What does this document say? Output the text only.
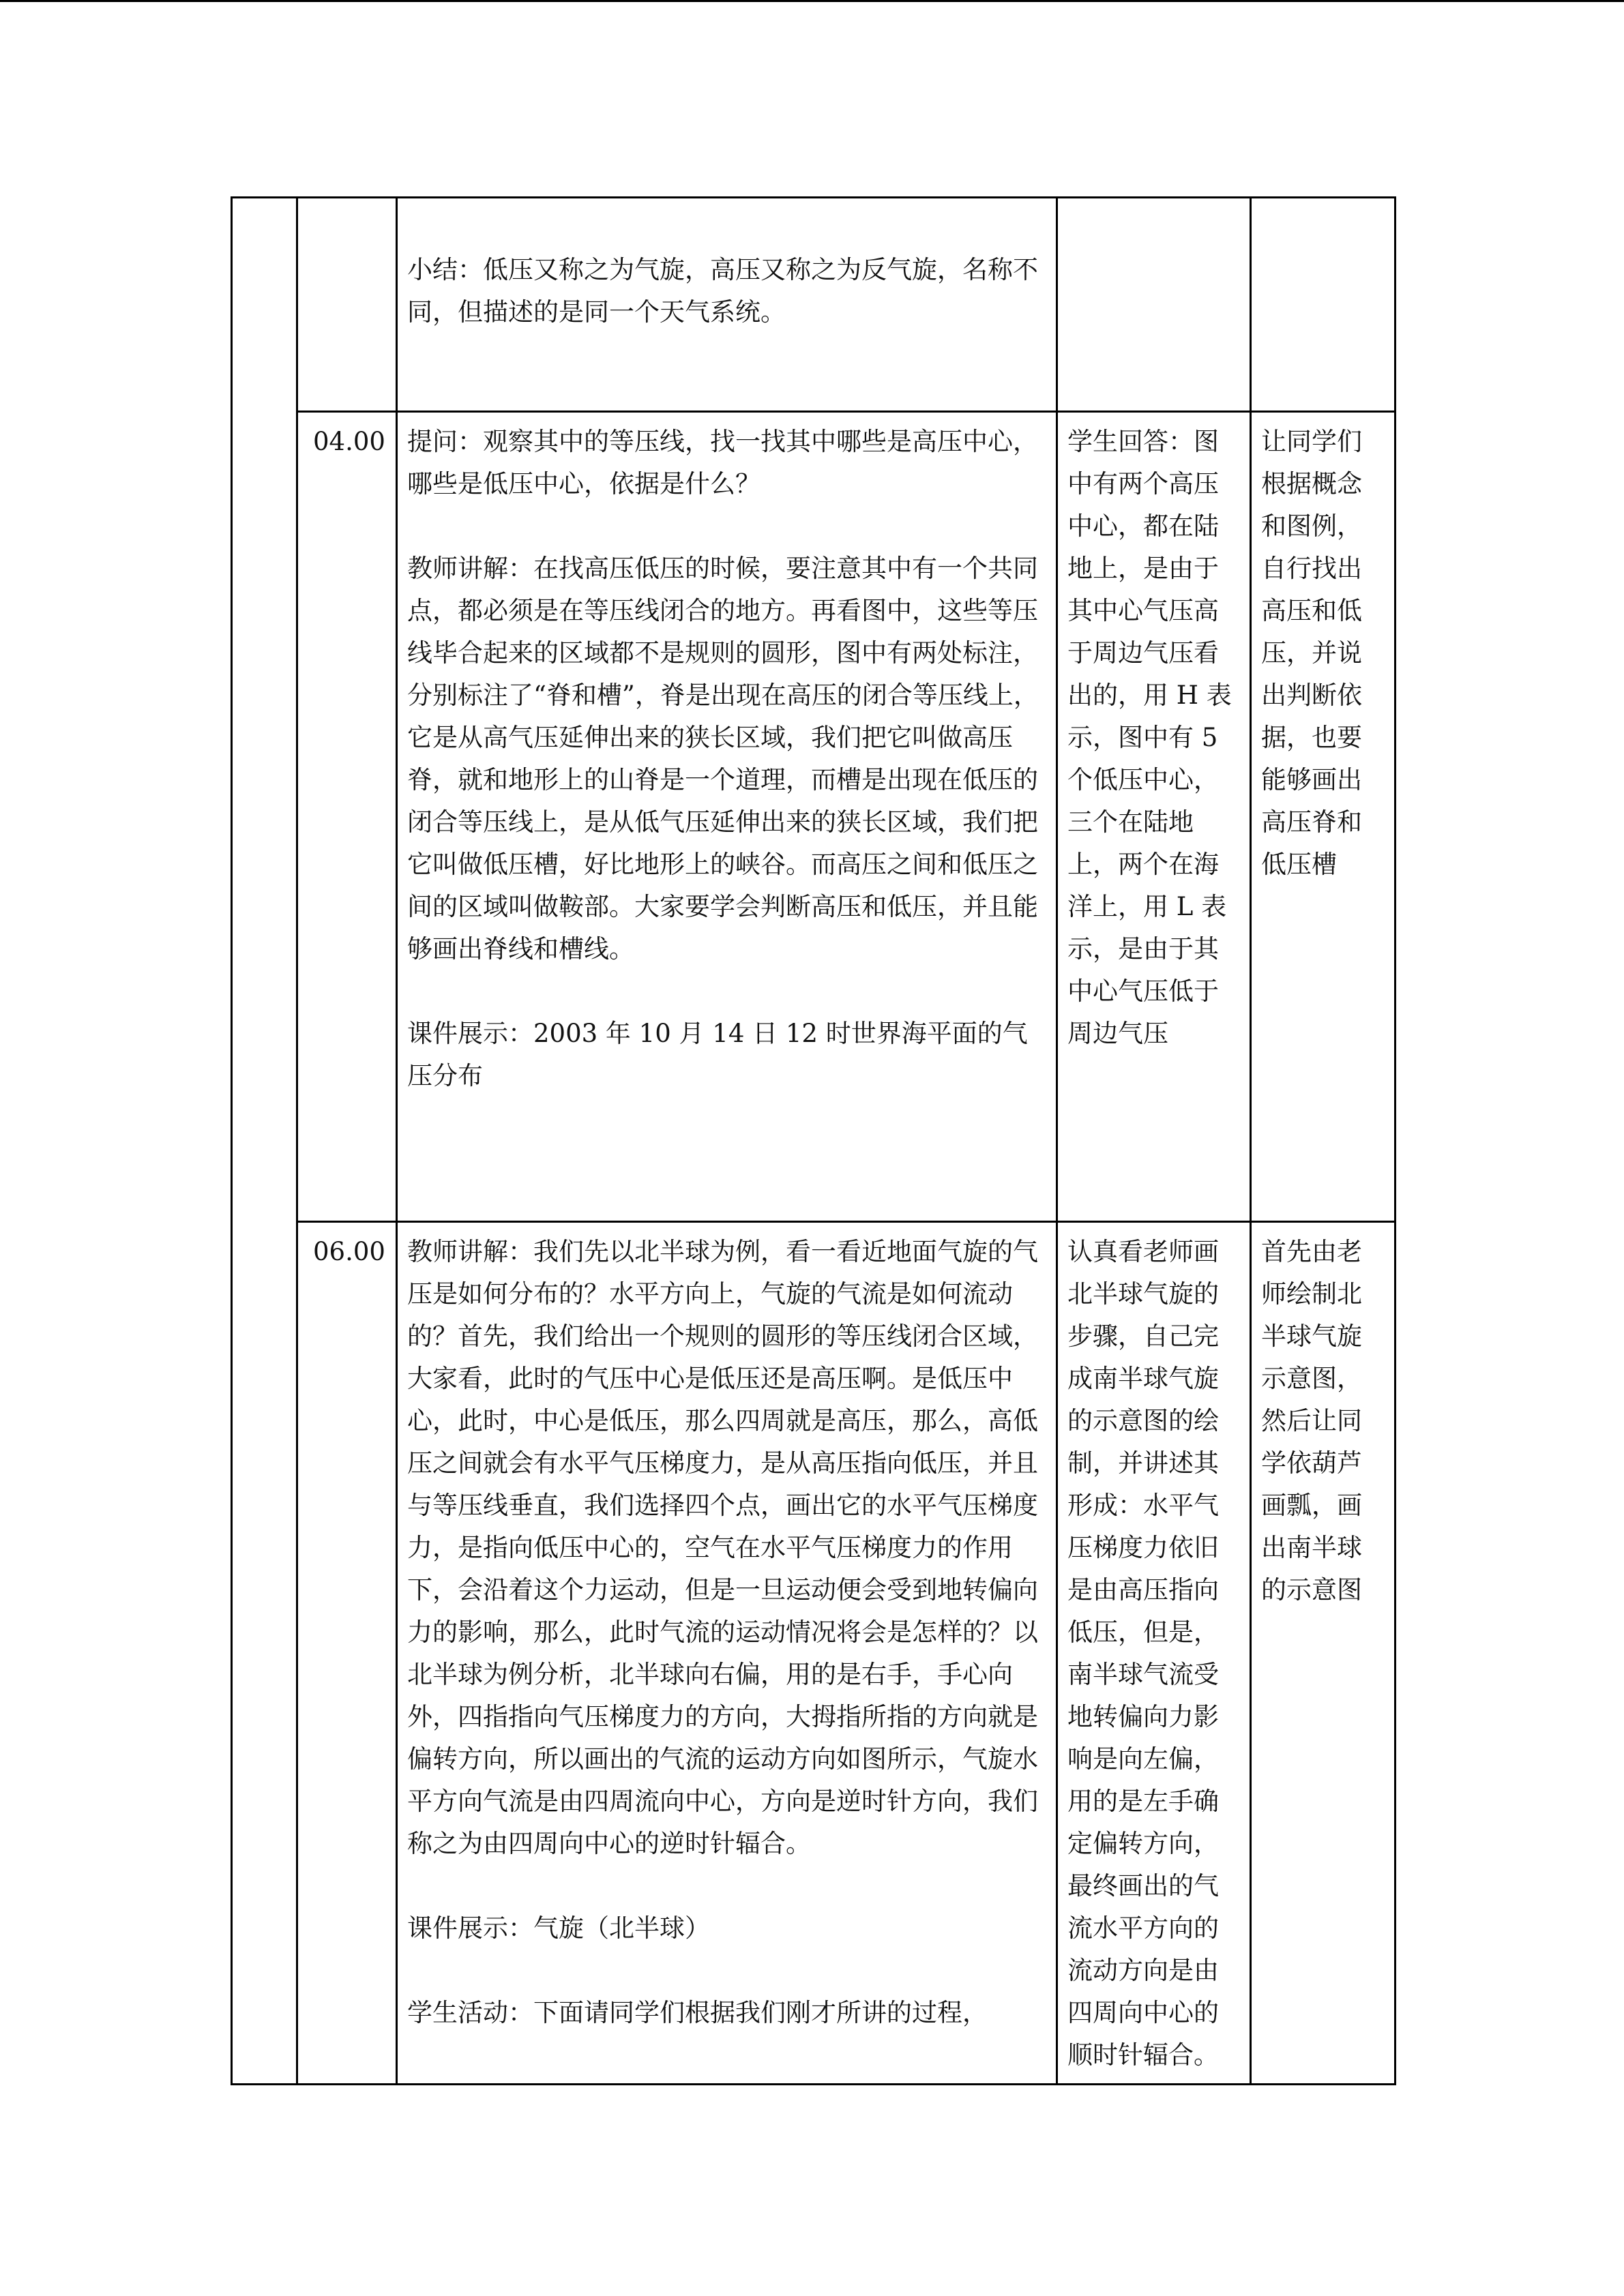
		小结：低压又称之为气旋，高压又称之为反气旋，名称不同，但描述的是同一个天气系统。		

	04.00	提问：观察其中的等压线，找一找其中哪些是高压中心，哪些是低压中心，依据是什么？

教师讲解：在找高压低压的时候，要注意其中有一个共同点，都必须是在等压线闭合的地方。再看图中，这些等压线毕合起来的区域都不是规则的圆形，图中有两处标注，分别标注了“脊和槽”，脊是出现在高压的闭合等压线上，它是从高气压延伸出来的狭长区域，我们把它叫做高压脊，就和地形上的山脊是一个道理，而槽是出现在低压的闭合等压线上，是从低气压延伸出来的狭长区域，我们把它叫做低压槽，好比地形上的峡谷。而高压之间和低压之间的区域叫做鞍部。大家要学会判断高压和低压，并且能够画出脊线和槽线。

课件展示：2003 年 10 月 14 日 12 时世界海平面的气压分布	学生回答：图中有两个高压中心，都在陆地上，是由于其中心气压高于周边气压看出的，用 H 表示，图中有 5 个低压中心，三个在陆地上，两个在海洋上，用 L 表示，是由于其中心气压低于周边气压	让同学们根据概念和图例，自行找出高压和低压，并说出判断依据，也要能够画出高压脊和低压槽
	06.00	教师讲解：我们先以北半球为例，看一看近地面气旋的气压是如何分布的？水平方向上，气旋的气流是如何流动的？首先，我们给出一个规则的圆形的等压线闭合区域，大家看，此时的气压中心是低压还是高压啊。是低压中心，此时，中心是低压，那么四周就是高压，那么，高低压之间就会有水平气压梯度力，是从高压指向低压，并且与等压线垂直，我们选择四个点，画出它的水平气压梯度力，是指向低压中心的，空气在水平气压梯度力的作用下，会沿着这个力运动，但是一旦运动便会受到地转偏向力的影响，那么，此时气流的运动情况将会是怎样的？以北半球为例分析，北半球向右偏，用的是右手，手心向外，四指指向气压梯度力的方向，大拇指所指的方向就是偏转方向，所以画出的气流的运动方向如图所示，气旋水平方向气流是由四周流向中心，方向是逆时针方向，我们称之为由四周向中心的逆时针辐合。

课件展示：气旋（北半球）

学生活动：下面请同学们根据我们刚才所讲的过程，	认真看老师画北半球气旋的步骤，自己完成南半球气旋的示意图的绘制，并讲述其形成：水平气压梯度力依旧是由高压指向低压，但是，南半球气流受地转偏向力影响是向左偏，用的是左手确定偏转方向，最终画出的气流水平方向的流动方向是由四周向中心的顺时针辐合。	首先由老师绘制北半球气旋示意图，然后让同学依葫芦画瓢，画出南半球的示意图
